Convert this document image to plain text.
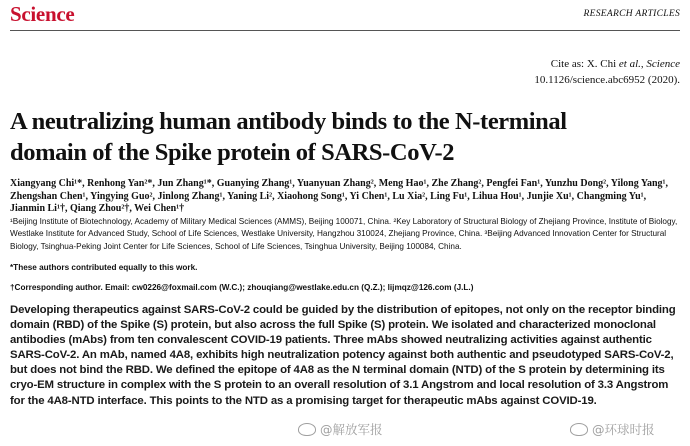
Science	RESEARCH ARTICLES
Cite as: X. Chi et al., Science
10.1126/science.abc6952 (2020).
A neutralizing human antibody binds to the N-terminal
domain of the Spike protein of SARS-CoV-2
Xiangyang Chi¹*, Renhong Yan²*, Jun Zhang¹*, Guanying Zhang¹, Yuanyuan Zhang², Meng Hao¹, Zhe Zhang², Pengfei Fan¹, Yunzhu Dong², Yilong Yang¹, Zhengshan Chen¹, Yingying Guo², Jinlong Zhang¹, Yaning Li², Xiaohong Song¹, Yi Chen¹, Lu Xia², Ling Fu¹, Lihua Hou¹, Junjie Xu¹, Changming Yu¹, Jianmin Li¹†, Qiang Zhou²†, Wei Chen¹†
¹Beijing Institute of Biotechnology, Academy of Military Medical Sciences (AMMS), Beijing 100071, China. ²Key Laboratory of Structural Biology of Zhejiang Province, Institute of Biology, Westlake Institute for Advanced Study, School of Life Sciences, Westlake University, Hangzhou 310024, Zhejiang Province, China. ³Beijing Advanced Innovation Center for Structural Biology, Tsinghua-Peking Joint Center for Life Sciences, School of Life Sciences, Tsinghua University, Beijing 100084, China.
*These authors contributed equally to this work.
†Corresponding author. Email: cw0226@foxmail.com (W.C.); zhouqiang@westlake.edu.cn (Q.Z.); lijmqz@126.com (J.L.)
Developing therapeutics against SARS-CoV-2 could be guided by the distribution of epitopes, not only on the receptor binding domain (RBD) of the Spike (S) protein, but also across the full Spike (S) protein. We isolated and characterized monoclonal antibodies (mAbs) from ten convalescent COVID-19 patients. Three mAbs showed neutralizing activities against authentic SARS-CoV-2. An mAb, named 4A8, exhibits high neutralization potency against both authentic and pseudotyped SARS-CoV-2, but does not bind the RBD. We defined the epitope of 4A8 as the N terminal domain (NTD) of the S protein by determining its cryo-EM structure in complex with the S protein to an overall resolution of 3.1 Angstrom and local resolution of 3.3 Angstrom for the 4A8-NTD interface. This points to the NTD as a promising target for therapeutic mAbs against COVID-19.
@解放军报	@环球时报
